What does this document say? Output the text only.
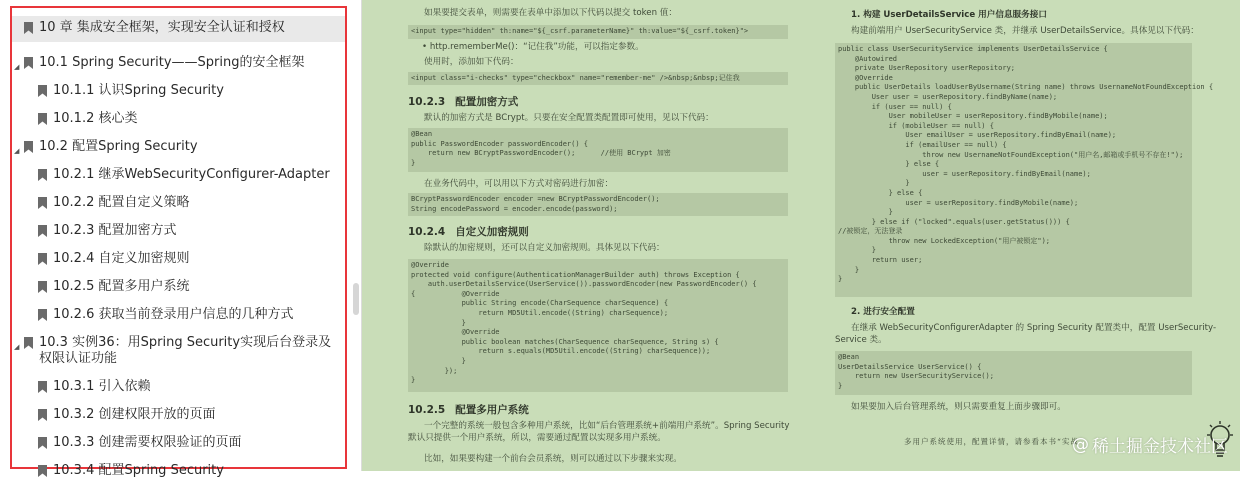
10 章 集成安全框架，实现安全认证和授权
◢ 10.1 Spring Security——Spring的安全框架
10.1.1 认识Spring Security
10.1.2 核心类
◢ 10.2 配置Spring Security
10.2.1 继承WebSecurityConfigurer-Adapter
10.2.2 配置自定义策略
10.2.3 配置加密方式
10.2.4 自定义加密规则
10.2.5 配置多用户系统
10.2.6 获取当前登录用户信息的几种方式
◢ 10.3 实例36：用Spring Security实现后台登录及权限认证功能
10.3.1 引入依赖
10.3.2 创建权限开放的页面
10.3.3 创建需要权限验证的页面
10.3.4 配置Spring Security
如果要提交表单，则需要在表单中添加以下代码以提交 token 值：
<input type="hidden" th:name="${_csrf.parameterName}" th:value="${_csrf.token}">
• http.rememberMe()：“记住我”功能，可以指定参数。
使用时，添加如下代码：
<input class="i-checks" type="checkbox" name="remember-me" />&nbsp;&nbsp;记住我
10.2.3 配置加密方式
默认的加密方式是 BCrypt。只要在安全配置类配置即可使用，见以下代码：
@Bean
public PasswordEncoder passwordEncoder() {
return new BCryptPasswordEncoder();      //使用 BCrypt 加密
}
在业务代码中，可以用以下方式对密码进行加密：
BCryptPasswordEncoder encoder =new BCryptPasswordEncoder();
String encodePassword = encoder.encode(password);
10.2.4 自定义加密规则
除默认的加密规则，还可以自定义加密规则。具体见以下代码：
@Override
protected void configure(AuthenticationManagerBuilder auth) throws Exception {
auth.userDetailsService(UserService()).passwordEncoder(new PasswordEncoder() {
{           @Override
public String encode(CharSequence charSequence) {
return MD5Util.encode((String) charSequence);
}
@Override
public boolean matches(CharSequence charSequence, String s) {
return s.equals(MD5Util.encode((String) charSequence));
}
});
}
10.2.5 配置多用户系统
一个完整的系统一般包含多种用户系统，比如“后台管理系统+前端用户系统”。Spring Security 默认只提供一个用户系统，所以，需要通过配置以实现多用户系统。
比如，如果要构建一个前台会员系统，则可以通过以下步骤来实现。
1. 构建 UserDetailsService 用户信息服务接口
构建前端用户 UserSecurityService 类，并继承 UserDetailsService。具体见以下代码：
public class UserSecurityService implements UserDetailsService {
@Autowired
private UserRepository userRepository;
@Override
public UserDetails loadUserByUsername(String name) throws UsernameNotFoundException {
User user = userRepository.findByName(name);
if (user == null) {
User mobileUser = userRepository.findByMobile(name);
if (mobileUser == null) {
User emailUser = userRepository.findByEmail(name);
if (emailUser == null) {
throw new UsernameNotFoundException("用户名,邮箱或手机号不存在!");
} else {
user = userRepository.findByEmail(name);
}
} else {
user = userRepository.findByMobile(name);
}
} else if ("locked".equals(user.getStatus())) {
//被锁定，无法登录
throw new LockedException("用户被锁定");
}
return user;
}
}
2. 进行安全配置
在继承 WebSecurityConfigurerAdapter 的 Spring Security 配置类中，配置 UserSecurity-Service 类。
@Bean
UserDetailsService UserService() {
return new UserSecurityService();
}
如果要加入后台管理系统，则只需要重复上面步骤即可。
多用户系统使用，配置详情，请参看本书“实战
@ 稀土掘金技术社区
